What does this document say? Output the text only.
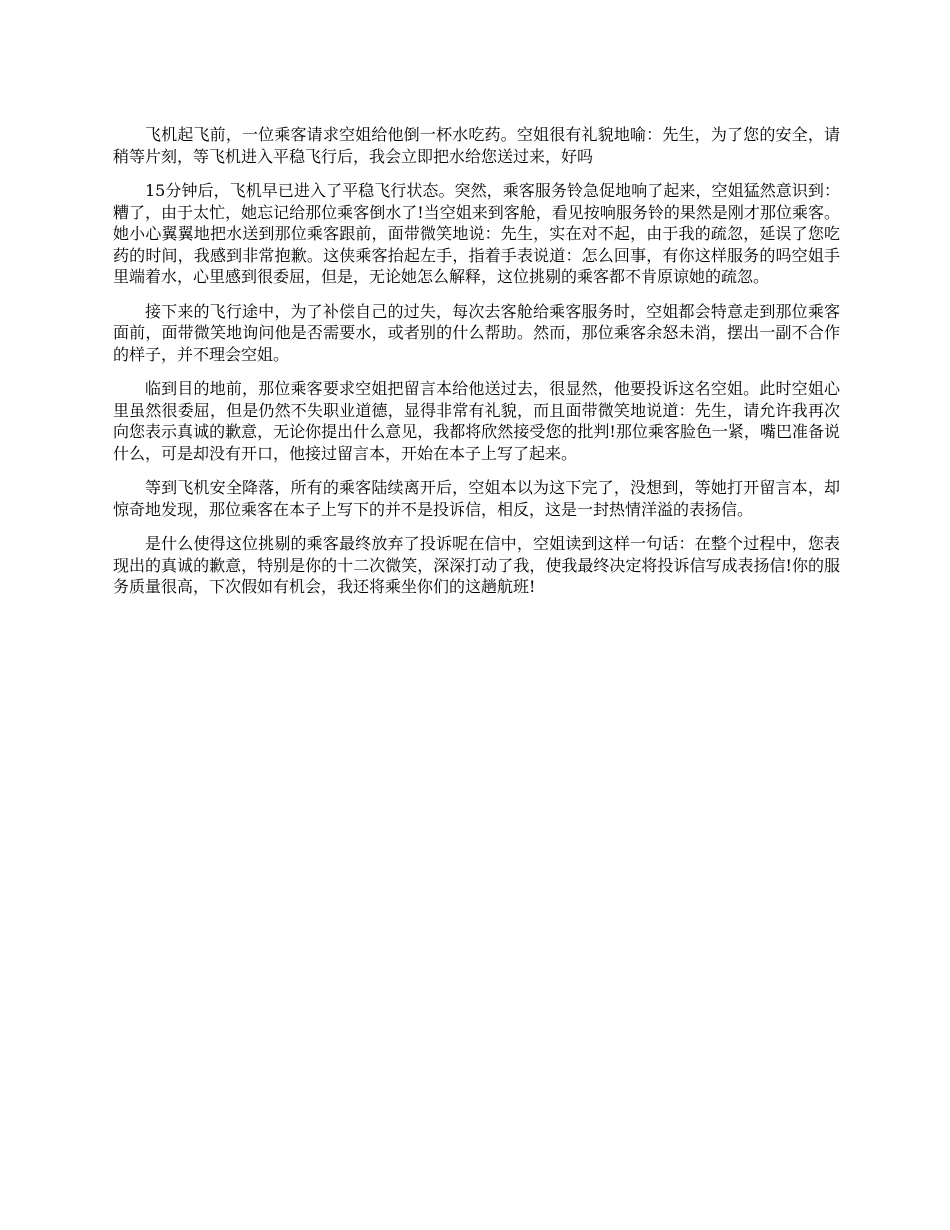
飞机起飞前，一位乘客请求空姐给他倒一杯水吃药。空姐很有礼貌地喻：先生，为了您的安全，请稍等片刻，等飞机进入平稳飞行后，我会立即把水给您送过来，好吗

15分钟后，飞机早已进入了平稳飞行状态。突然，乘客服务铃急促地响了起来，空姐猛然意识到：糟了，由于太忙，她忘记给那位乘客倒水了!当空姐来到客舱，看见按响服务铃的果然是刚才那位乘客。她小心翼翼地把水送到那位乘客跟前，面带微笑地说：先生，实在对不起，由于我的疏忽，延误了您吃药的时间，我感到非常抱歉。这侠乘客抬起左手，指着手表说道：怎么回事，有你这样服务的吗空姐手里端着水，心里感到很委屈，但是，无论她怎么解释，这位挑剔的乘客都不肯原谅她的疏忽。

接下来的飞行途中，为了补偿自己的过失，每次去客舱给乘客服务时，空姐都会特意走到那位乘客面前，面带微笑地询问他是否需要水，或者别的什么帮助。然而，那位乘客余怒未消，摆出一副不合作的样子，并不理会空姐。

临到目的地前，那位乘客要求空姐把留言本给他送过去，很显然，他要投诉这名空姐。此时空姐心里虽然很委屈，但是仍然不失职业道德，显得非常有礼貌，而且面带微笑地说道：先生，请允许我再次向您表示真诚的歉意，无论你提出什么意见，我都将欣然接受您的批判!那位乘客脸色一紧，嘴巴准备说什么，可是却没有开口，他接过留言本，开始在本子上写了起来。

等到飞机安全降落，所有的乘客陆续离开后，空姐本以为这下完了，没想到，等她打开留言本，却惊奇地发现，那位乘客在本子上写下的并不是投诉信，相反，这是一封热情洋溢的表扬信。

是什么使得这位挑剔的乘客最终放弃了投诉呢在信中，空姐读到这样一句话：在整个过程中，您表现出的真诚的歉意，特别是你的十二次微笑，深深打动了我，使我最终决定将投诉信写成表扬信!你的服务质量很高，下次假如有机会，我还将乘坐你们的这趟航班!
